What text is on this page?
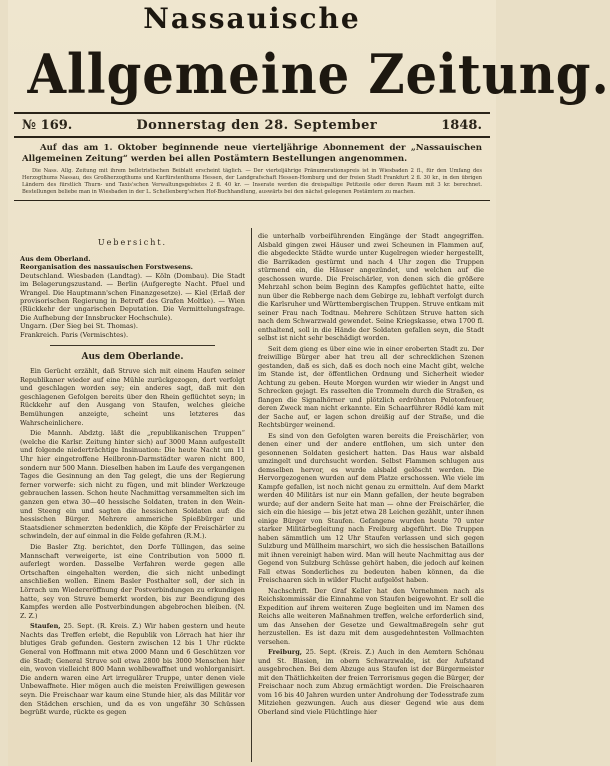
Nassauische
Allgemeine Zeitung.
№ 169.	Donnerstag den 28. September	1848.
Auf das am 1. Oktober beginnende neue vierteljährige Abonnement der „Nassauischen Allgemeinen Zeitung“ werden bei allen Postämtern Bestellungen angenommen.
Die Nass. Allg. Zeitung mit ihrem belletristischen Beiblatt erscheint täglich. — Der vierteljährige Pränumerationspreis ist in Wiesbaden 2 fl., für den Umfang des Herzogthums Nassau, des Großherzogthums und Kurfürstenthums Hessen, der Landgrafschaft Hessen-Homburg und der freien Stadt Frankfurt 2 fl. 30 kr., in den übrigen Ländern des fürstlich Thurn- und Taxis'schen Verwaltungsgebietes 2 fl. 40 kr. — Inserate werden die dreispaltige Petitzeile oder deren Raum mit 3 kr. berechnet. Bestellungen beliebe man in Wiesbaden in der L. Schellenberg'schen Hof-Buchhandlung, auswärts bei den nächst gelegenen Postämtern zu machen.
Uebersicht.
Aus dem Oberland.
Reorganisation des nassauischen Forstwesens.
Deutschland. Wiesbaden (Landtag). — Köln (Dombau). Die Stadt im Belagerungszustand. — Berlin (Aufgeregte Nacht. Pfuel und Wrangel. Die Hauptmann'schen Finanzgesetze). — Kiel (Erlaß der provisorischen Regierung in Betreff des Grafen Moltke). — Wien (Rückkehr der ungarischen Deputation. Die Vermittelungsfrage. Die Aufhebung der Innsbrucker Hochschule).
Ungarn. (Der Sieg bei St. Thomas).
Frankreich. Paris (Vermischtes).
Aus dem Oberlande.

Ein Gerücht erzählt, daß Struve sich mit einem Haufen seiner Republikaner wieder auf eine Mühle zurückgezogen, dort verfolgt und geschlagen worden sey; ein anderes sagt, daß mit den geschlagenen Gefolgen bereits über den Rhein geflüchtet seyn; in Rückkehr auf den Ausgang von Staufen, welches gleiche Bemühungen anzeigte, scheint uns letzteres das Wahrscheinlichere.

Die Mannh. Abdztg. läßt die „republikanischen Truppen“ (welche die Karlsr. Zeitung hinter sich) auf 3000 Mann aufgestellt und folgende niederträchtige Insinuation: Die heute Nacht um 11 Uhr hier eingetroffene Heilbronn-Darmstädter waren nicht 800, sondern nur 500 Mann. Dieselben haben im Laufe des vergangenen Tages die Gesinnung an den Tag gelegt, die uns der Regierung ferner vorwerfe: sich nicht zu fügen, und mit blinder Werkzeuge gebrauchen lassen. Schon heute Nachmittag versammelten sich im ganzen gen etwa 30—40 hessische Soldaten, traten in den Wein- und Steeng ein und sagten die hessischen Soldaten auf: die hessischen Bürger. Mehrere ammeriche Spießbürger und Staatsdiener schmerzten bedenklich, die Köpfe der Freischärler zu schwindeln, der auf einmal in die Felde gefahren (R.M.).

Die Basler Ztg. berichtet, den Dorfe Tüllingen, das seine Mannschaft verweigerte, ist eine Contribution von 5000 fl. auferlegt worden. Dasselbe Verfahren werde gegen alle Ortschaften eingehalten werden, die sich nicht unbedingt anschließen wollen. Einem Basler Posthalter soll, der sich in Lörrach um Wiedereröffnung der Postverbindungen zu erkundigen hatte, sey von Struve bemerkt worden, bis zur Beendigung des Kampfes werden alle Postverbindungen abgebrochen bleiben. (N. Z. Z.)

Staufen, 25. Sept. (R. Kreis. Z.) Wir haben gestern und heute Nachts das Treffen erlebt, die Republik von Lörrach hat hier ihr blutiges Grab gefunden. Gestern zwischen 12 bis 1 Uhr rückte General von Hoffmann mit etwa 2000 Mann und 6 Geschützen vor die Stadt; General Struve soll etwa 2800 bis 3000 Menschen hier ein, wovon vielleicht 800 Mann wohlbewaffnet und wohlorganisirt. Die andern waren eine Art irregulärer Truppe, unter denen viele Unbewaffnete. Hier mögen auch die meisten Freiwilligen gewesen seyn. Die Freischaar war kaum eine Stunde hier, als das Militär vor den Städchen erschien, und da es von ungefähr 30 Schüssen begrüßt wurde, rückte es gegen

die unterhalb vorbeiführenden Eingänge der Stadt angegriffen. Alsbald gingen zwei Häuser und zwei Scheunen in Flammen auf, die abgedeckte Städte wurde unter Kugelregen wieder hergestellt, die Barrikaden gestürmt und nach 4 Uhr zogen die Truppen stürmend ein, die Häuser angezündet, und welchen auf die geschossen wurde. Die Freischärler, von denen sich die größere Mehrzahl schon beim Beginn des Kampfes geflüchtet hatte, eilte nun über die Rebberge nach dem Gebirge zu, lebhaft verfolgt durch die Karlsruher und Württembergischen Truppen. Struve entkam mit seiner Frau nach Todtnau. Mehrere Schützen Struve hatten sich nach dem Schwarzwald gewendet. Seine Kriegskasse, etwa 1700 fl. enthaltend, soll in die Hände der Soldaten gefallen seyn, die Stadt selbst ist nicht sehr beschädigt worden.

Seit dem gieng es über eine wie in einer eroberten Stadt zu. Der freiwillige Bürger aber hat treu all der schrecklichen Szenen gestanden, daß es sich, daß es doch noch eine Macht gibt, welche im Stande ist, der öffentlichen Ordnung und Sicherheit wieder Achtung zu geben. Heute Morgen wurden wir wieder in Angst und Schrecken gejagt. Es rasselten die Trommeln durch die Straßen, es flangen die Signalhörner und plötzlich erdröhnten Pelotonfeuer, deren Zweck man nicht erkannte. Ein Schaarführer Rödlé kam mit der Sache auf, er lagen schon dreißig auf der Straße, und die Rechtsbürger weinend.

Es sind von den Gefolgten waren bereits die Freischärler, von denen einer und der andere entflohen, um sich unter den gesonnenen Soldaten gesichert hatten. Das Haus war alsbald umzingelt und durchsucht worden. Selbst Flammen schlugen aus demselben hervor, es wurde alsbald gelöscht werden. Die Hervorgezogenen wurden auf dem Platze erschossen. Wie viele im Kampfe gefallen, ist noch nicht genau zu ermitteln. Auf dem Markt werden 40 Militärs ist nur ein Mann gefallen, der heute begraben wurde; auf der andern Seite hat man — ohne der Freischärler, die sich ein die hiesige — bis jetzt etwa 28 Leichen gezählt, unter ihnen einige Bürger von Staufen. Gefangene wurden heute 70 unter starker Militärbegleitung nach Freiburg abgeführt. Die Truppen haben sämmtlich um 12 Uhr Staufen verlassen und sich gegen Sulzburg und Müllheim marschirt, wo sich die hessischen Bataillons mit ihnen vereinigt haben wird. Man will heute Nachmittag aus der Gegend von Sulzburg Schüsse gehört haben, die jedoch auf keinen Fall etwas Sonderliches zu bedeuten haben können, da die Freischaaren sich in wilder Flucht aufgelöst haben.

Nachschrift. Der Graf Keller hat den Vornehmen nach als Reichskommissär die Einnahme von Staufen beigewohnt. Er soll die Expedition auf ihrem weiteren Zuge begleiten und im Namen des Reichs alle weiteren Maßnahmen treffen, welche erforderlich sind, um das Ansehen der Gesetze und Gewaltmaßregeln sehr gut herzustellen. Es ist dazu mit dem ausgedehntesten Vollmachten versehen.

Freiburg, 25. Sept. (Kreis. Z.) Auch in den Aemtern Schönau und St. Blasien, im obern Schwarzwalde, ist der Aufstand ausgebrochen. Bei dem Abzuge aus Staufen ist der Bürgermeister mit den Thätlichkeiten der freien Terrorismus gegen die Bürger, der Freischaar noch zum Abzug ermächtigt worden. Die Freischaaren vom 16 bis 40 Jahren wurden unter Androhung der Todesstrafe zum Mitziehen gezwungen. Auch aus dieser Gegend wie aus dem Oberland sind viele Flüchtlinge hier
